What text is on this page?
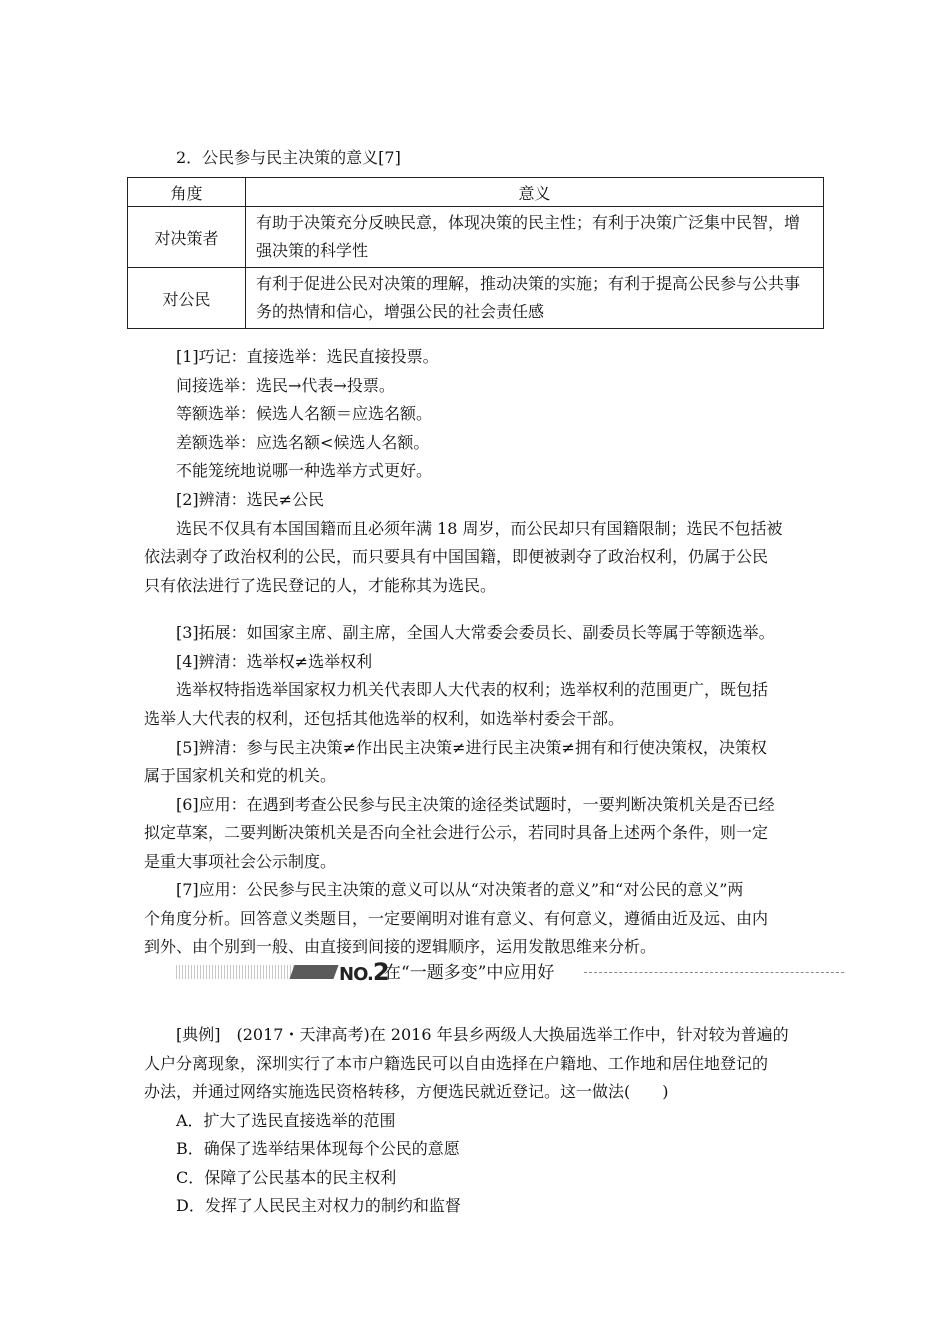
2．公民参与民主决策的意义[7]
角度	意义
对决策者	有助于决策充分反映民意，体现决策的民主性；有利于决策广泛集中民智，增强决策的科学性
对公民	有利于促进公民对决策的理解，推动决策的实施；有利于提高公民参与公共事务的热情和信心，增强公民的社会责任感
[1]巧记：直接选举：选民直接投票。
间接选举：选民→代表→投票。
等额选举：候选人名额＝应选名额。
差额选举：应选名额<候选人名额。
不能笼统地说哪一种选举方式更好。
[2]辨清：选民≠公民
选民不仅具有本国国籍而且必须年满 18 周岁，而公民却只有国籍限制；选民不包括被
依法剥夺了政治权利的公民，而只要具有中国国籍，即便被剥夺了政治权利，仍属于公民
只有依法进行了选民登记的人，才能称其为选民。
[3]拓展：如国家主席、副主席，全国人大常委会委员长、副委员长等属于等额选举。
[4]辨清：选举权≠选举权利
选举权特指选举国家权力机关代表即人大代表的权利；选举权利的范围更广，既包括
选举人大代表的权利，还包括其他选举的权利，如选举村委会干部。
[5]辨清：参与民主决策≠作出民主决策≠进行民主决策≠拥有和行使决策权，决策权
属于国家机关和党的机关。
[6]应用：在遇到考查公民参与民主决策的途径类试题时，一要判断决策机关是否已经
拟定草案，二要判断决策机关是否向全社会进行公示，若同时具备上述两个条件，则一定
是重大事项社会公示制度。
[7]应用：公民参与民主决策的意义可以从“对决策者的意义”和“对公民的意义”两
个角度分析。回答意义类题目，一定要阐明对谁有意义、有何意义，遵循由近及远、由内
到外、由个别到一般、由直接到间接的逻辑顺序，运用发散思维来分析。
NO.2
在“一题多变”中应用好
[典例]　(2017・天津高考)在 2016 年县乡两级人大换届选举工作中，针对较为普遍的
人户分离现象，深圳实行了本市户籍选民可以自由选择在户籍地、工作地和居住地登记的
办法，并通过网络实施选民资格转移，方便选民就近登记。这一做法(　　)
A．扩大了选民直接选举的范围
B．确保了选举结果体现每个公民的意愿
C．保障了公民基本的民主权利
D．发挥了人民民主对权力的制约和监督
